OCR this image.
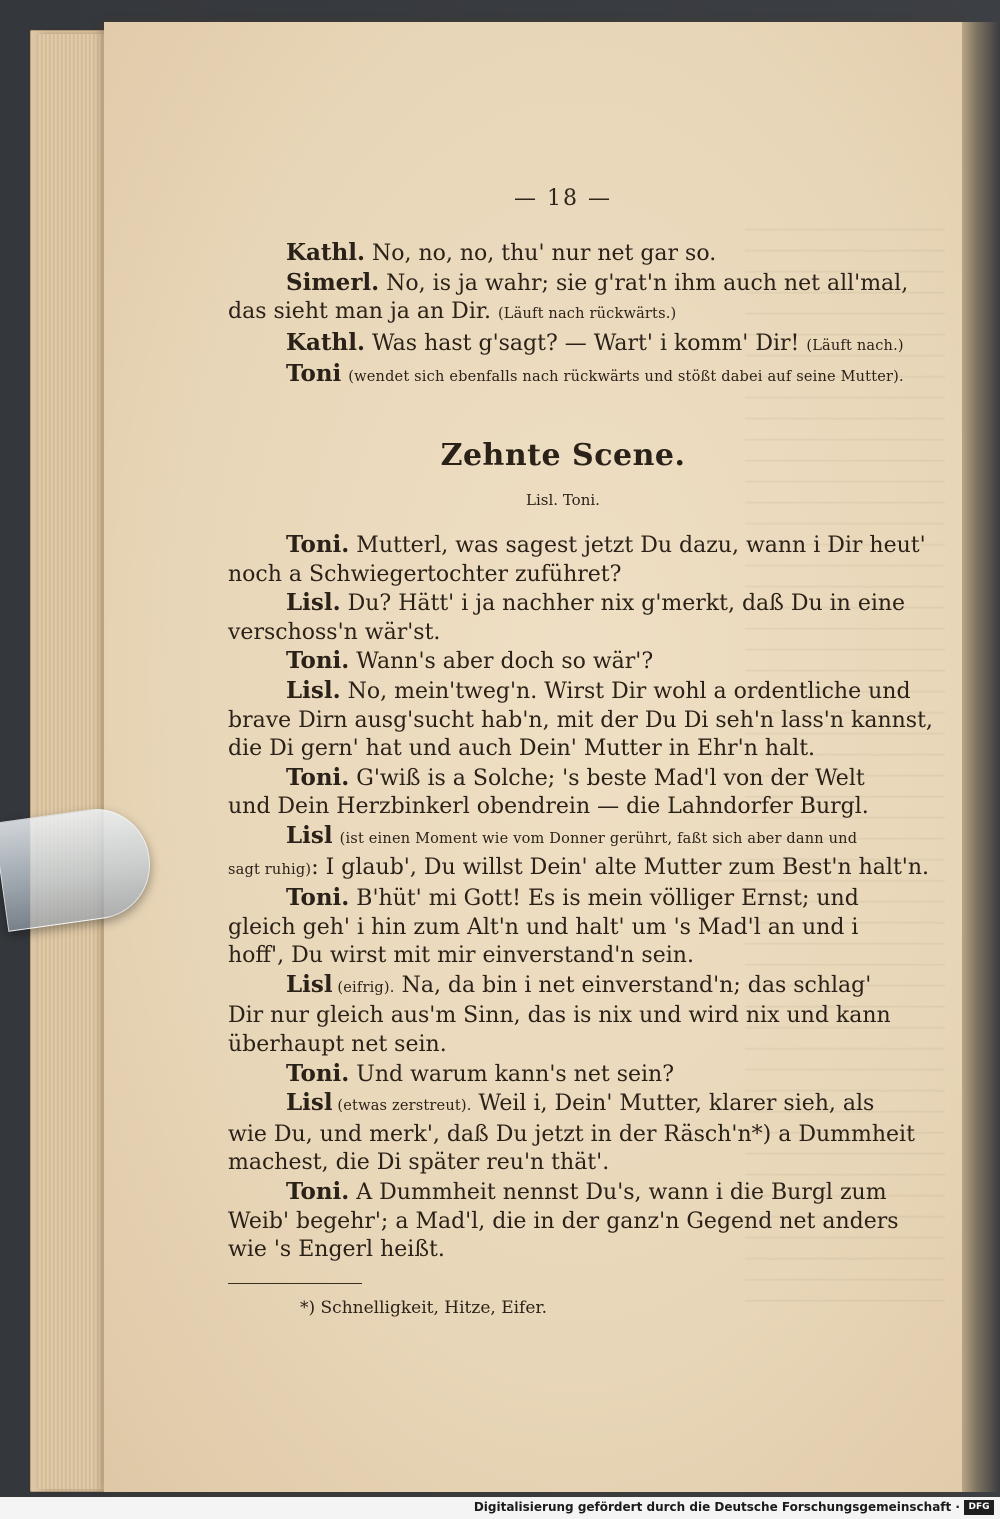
— 18 —
Kathl. No, no, no, thu' nur net gar so.
Simerl. No, is ja wahr; sie g'rat'n ihm auch net all'mal,
das sieht man ja an Dir. (Läuft nach rückwärts.)
Kathl. Was hast g'sagt? — Wart' i komm' Dir! (Läuft nach.)
Toni (wendet sich ebenfalls nach rückwärts und stößt dabei auf seine Mutter).
Zehnte Scene.
Lisl. Toni.
Toni. Mutterl, was sagest jetzt Du dazu, wann i Dir heut'
noch a Schwiegertochter zuführet?
Lisl. Du? Hätt' i ja nachher nix g'merkt, daß Du in eine
verschoss'n wär'st.
Toni. Wann's aber doch so wär'?
Lisl. No, mein'tweg'n. Wirst Dir wohl a ordentliche und
brave Dirn ausg'sucht hab'n, mit der Du Di seh'n lass'n kannst,
die Di gern' hat und auch Dein' Mutter in Ehr'n halt.
Toni. G'wiß is a Solche; 's beste Mad'l von der Welt
und Dein Herzbinkerl obendrein — die Lahndorfer Burgl.
Lisl (ist einen Moment wie vom Donner gerührt, faßt sich aber dann und
sagt ruhig): I glaub', Du willst Dein' alte Mutter zum Best'n halt'n.
Toni. B'hüt' mi Gott! Es is mein völliger Ernst; und
gleich geh' i hin zum Alt'n und halt' um 's Mad'l an und i
hoff', Du wirst mit mir einverstand'n sein.
Lisl (eifrig). Na, da bin i net einverstand'n; das schlag'
Dir nur gleich aus'm Sinn, das is nix und wird nix und kann
überhaupt net sein.
Toni. Und warum kann's net sein?
Lisl (etwas zerstreut). Weil i, Dein' Mutter, klarer sieh, als
wie Du, und merk', daß Du jetzt in der Räsch'n*) a Dummheit
machest, die Di später reu'n thät'.
Toni. A Dummheit nennst Du's, wann i die Burgl zum
Weib' begehr'; a Mad'l, die in der ganz'n Gegend net anders
wie 's Engerl heißt.
*) Schnelligkeit, Hitze, Eifer.
Digitalisierung gefördert durch die Deutsche Forschungsgemeinschaft · DFG
